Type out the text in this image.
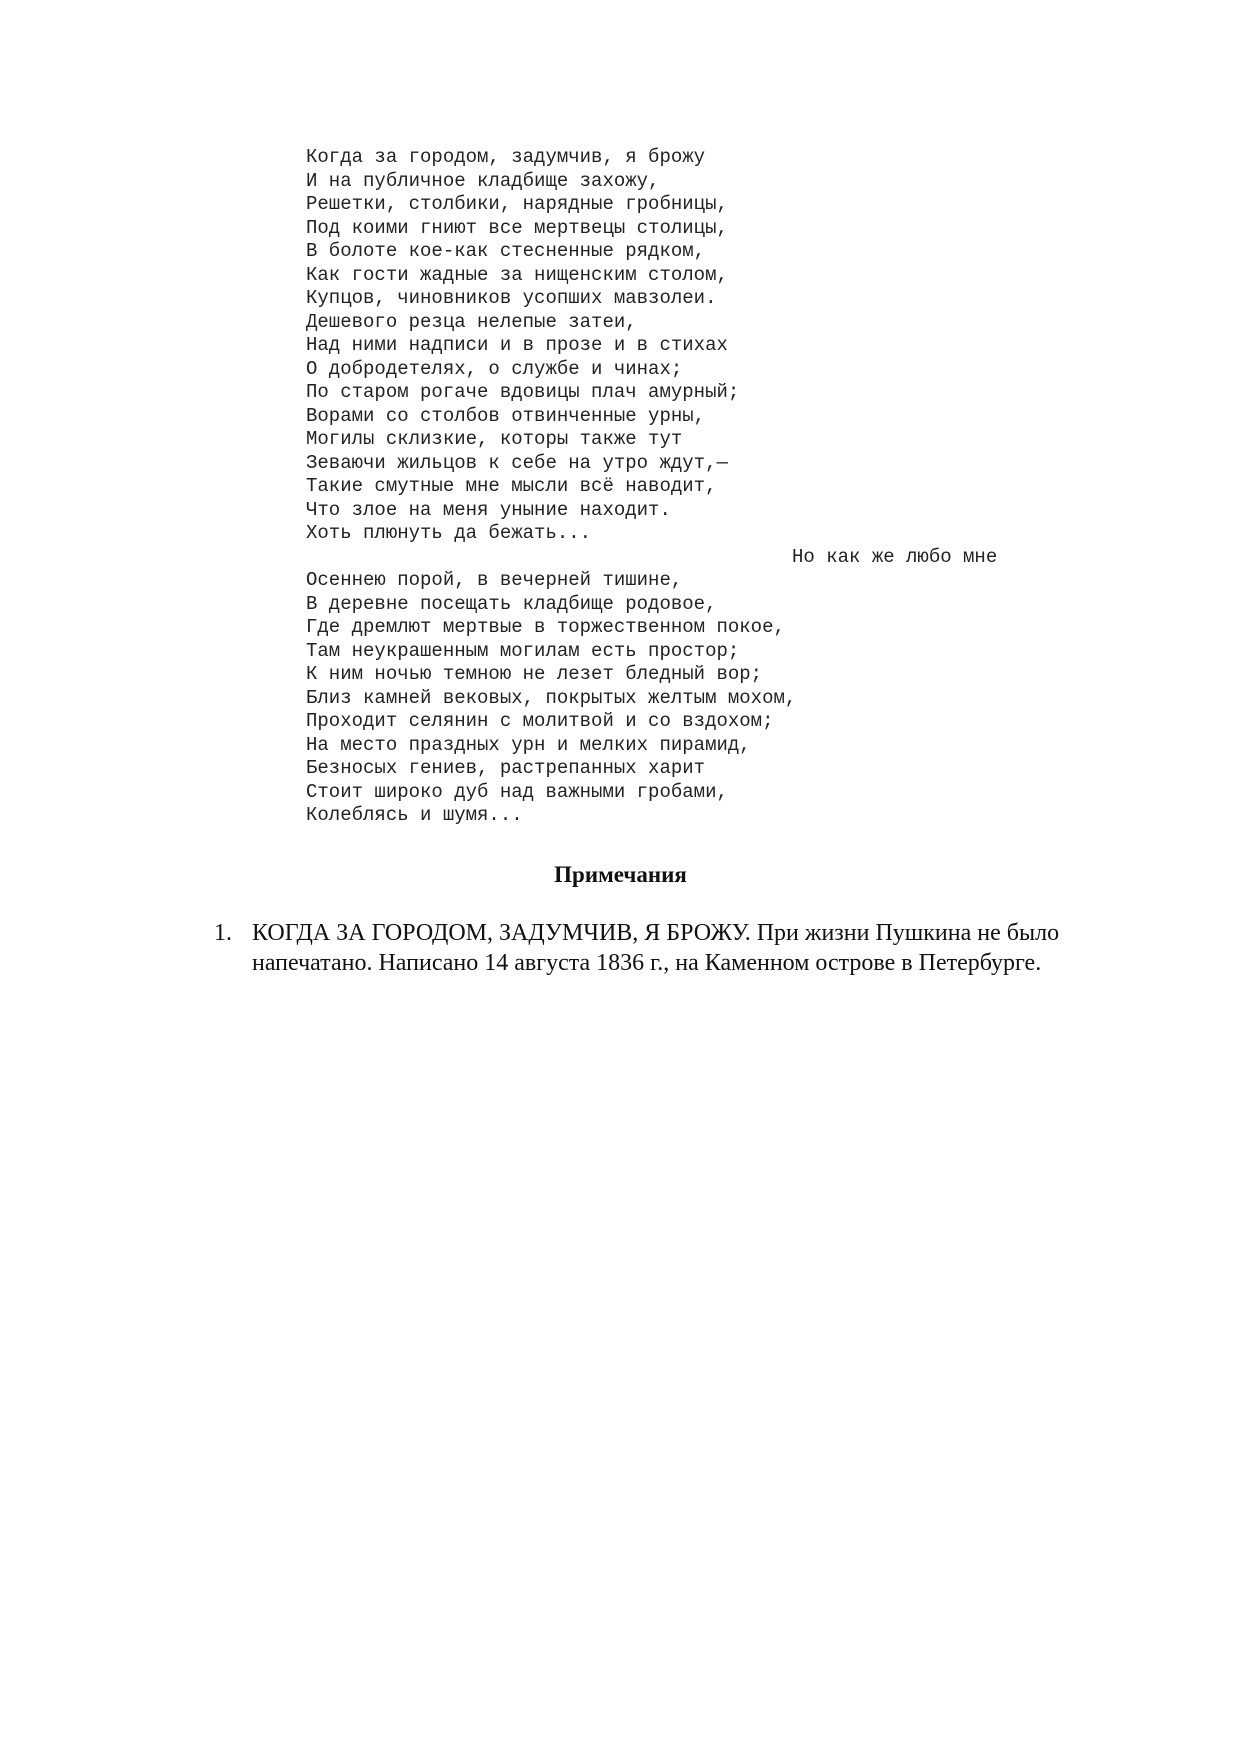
Когда за городом, задумчив, я брожу
И на публичное кладбище захожу,
Решетки, столбики, нарядные гробницы,
Под коими гниют все мертвецы столицы,
В болоте кое-как стесненные рядком,
Как гости жадные за нищенским столом,
Купцов, чиновников усопших мавзолеи.
Дешевого резца нелепые затеи,
Над ними надписи и в прозе и в стихах
О добродетелях, о службе и чинах;
По старом рогаче вдовицы плач амурный;
Ворами со столбов отвинченные урны,
Могилы склизкие, которы также тут
Зеваючи жильцов к себе на утро ждут,—
Такие смутные мне мысли всё наводит,
Что злое на меня уныние находит.
Хоть плюнуть да бежать...
Но как же любо мне
Осеннею порой, в вечерней тишине,
В деревне посещать кладбище родовое,
Где дремлют мертвые в торжественном покое,
Там неукрашенным могилам есть простор;
К ним ночью темною не лезет бледный вор;
Близ камней вековых, покрытых желтым мохом,
Проходит селянин с молитвой и со вздохом;
На место праздных урн и мелких пирамид,
Безносых гениев, растрепанных харит
Стоит широко дуб над важными гробами,
Колеблясь и шумя...
Примечания
1. КОГДА ЗА ГОРОДОМ, ЗАДУМЧИВ, Я БРОЖУ. При жизни Пушкина не было напечатано. Написано 14 августа 1836 г., на Каменном острове в Петербурге.
